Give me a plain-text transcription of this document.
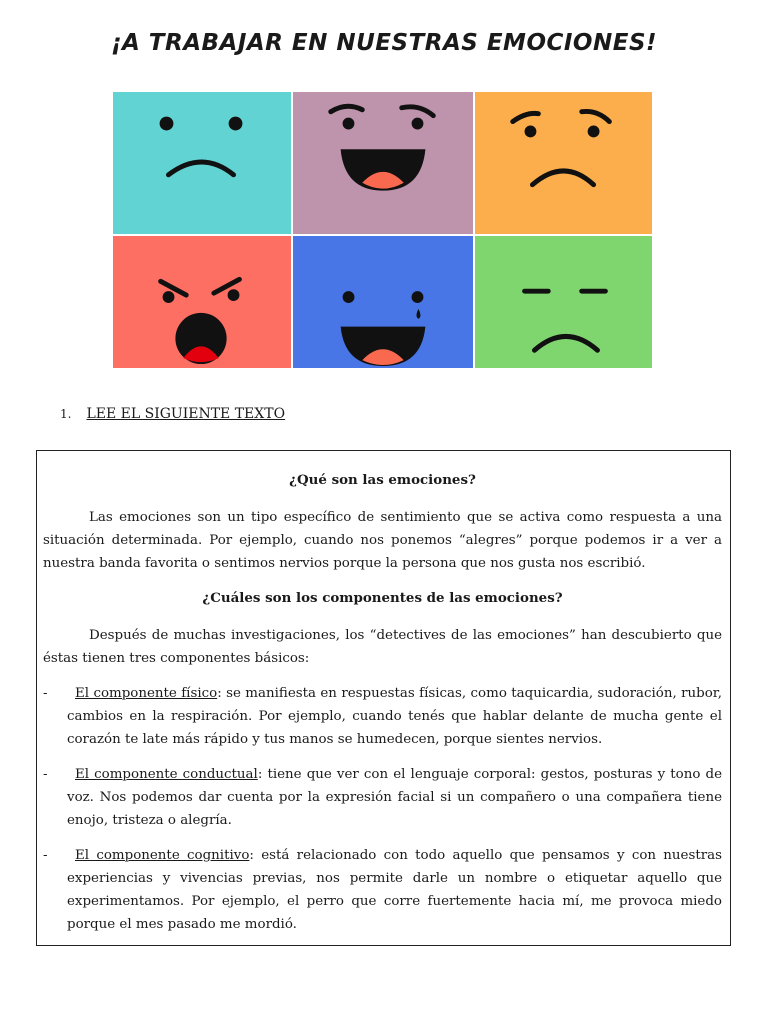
¡A TRABAJAR EN NUESTRAS EMOCIONES!
1. LEE EL SIGUIENTE TEXTO

¿Qué son las emociones?

Las emociones son un tipo específico de sentimiento que se activa como respuesta a una situación determinada. Por ejemplo, cuando nos ponemos “alegres” porque podemos ir a ver a nuestra banda favorita o sentimos nervios porque la persona que nos gusta nos escribió.

¿Cuáles son los componentes de las emociones?

Después de muchas investigaciones, los “detectives de las emociones” han descubierto que éstas tienen tres componentes básicos:

- El componente físico: se manifiesta en respuestas físicas, como taquicardia, sudoración, rubor, cambios en la respiración. Por ejemplo, cuando tenés que hablar delante de mucha gente el corazón te late más rápido y tus manos se humedecen, porque sientes nervios.
- El componente conductual: tiene que ver con el lenguaje corporal: gestos, posturas y tono de voz. Nos podemos dar cuenta por la expresión facial si un compañero o una compañera tiene enojo, tristeza o alegría.
- El componente cognitivo: está relacionado con todo aquello que pensamos y con nuestras experiencias y vivencias previas, nos permite darle un nombre o etiquetar aquello que experimentamos. Por ejemplo, el perro que corre fuertemente hacia mí, me provoca miedo porque el mes pasado me mordió.
